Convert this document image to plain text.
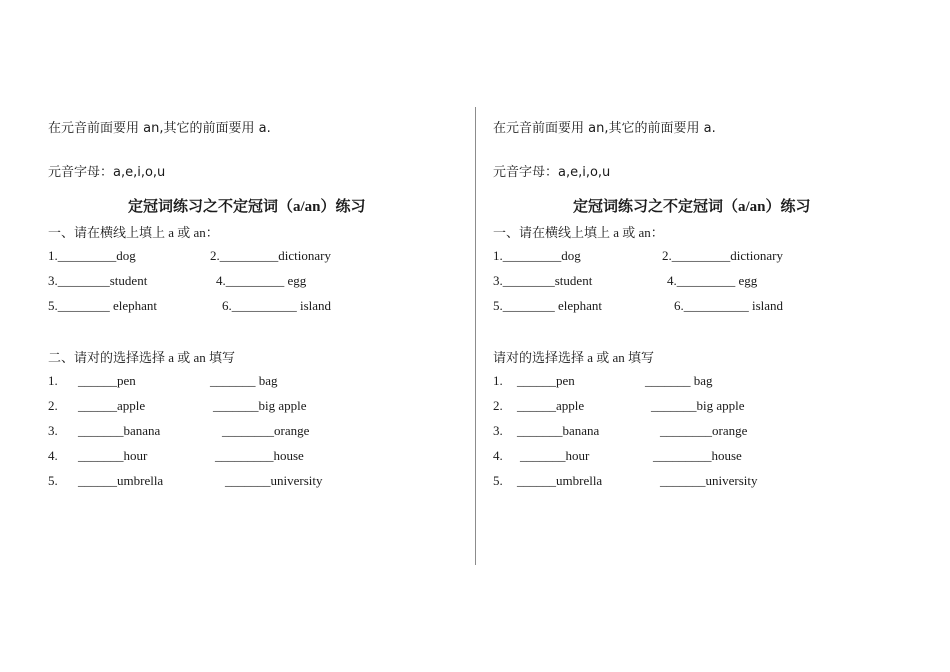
在元音前面要用 an,其它的前面要用 a.
元音字母：a,e,i,o,u
定冠词练习之不定冠词（a/an）练习
一、请在横线上填上 a 或 an：
1._________dog	2._________dictionary
3.________student	4._________ egg
5.________ elephant	6.__________ island
二、请对的选择选择 a 或 an 填写
1. ______pen	_______ bag
2. ______apple	_______big apple
3. _______banana	________orange
4. _______hour	_________house
5. ______umbrella	_______university
在元音前面要用 an,其它的前面要用 a.
元音字母：a,e,i,o,u
定冠词练习之不定冠词（a/an）练习
一、请在横线上填上 a 或 an：
1._________dog	2._________dictionary
3.________student	4._________ egg
5.________ elephant	6.__________ island
请对的选择选择 a 或 an 填写
1. ______pen	_______ bag
2. ______apple	_______big apple
3. _______banana	________orange
4. _______hour	_________house
5. ______umbrella	_______university
